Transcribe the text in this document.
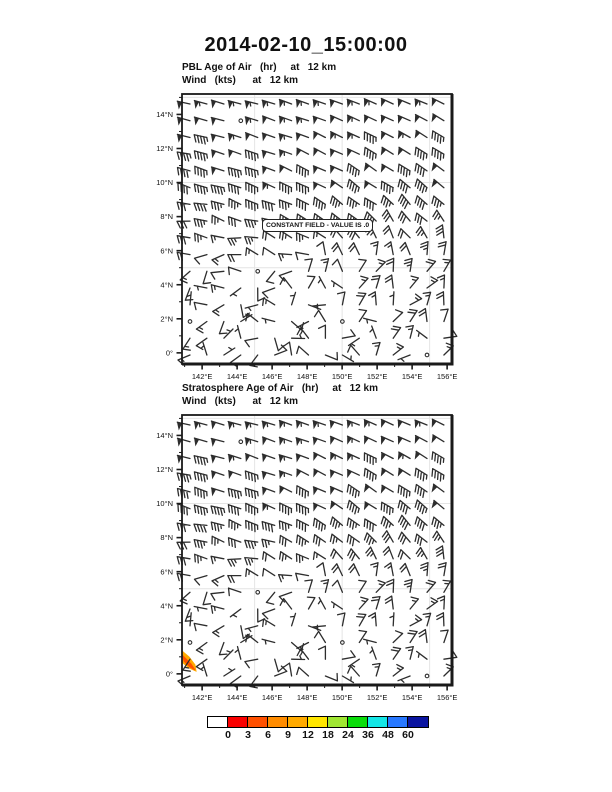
2014-02-10_15:00:00
PBL Age of Air   (hr)     at   12 km
Wind   (kts)      at   12 km
142°E 144°E 146°E 148°E 150°E 152°E 154°E 156°E
14°N
12°N
10°N
8°N
6°N
4°N
2°N
0°
CONSTANT FIELD - VALUE IS .0
Stratosphere Age of Air   (hr)     at   12 km
Wind   (kts)      at   12 km
142°E 144°E 146°E 148°E 150°E 152°E 154°E 156°E
14°N
12°N
10°N
8°N
6°N
4°N
2°N
0°
0	3	6	9	12 18 24 36 48 60
